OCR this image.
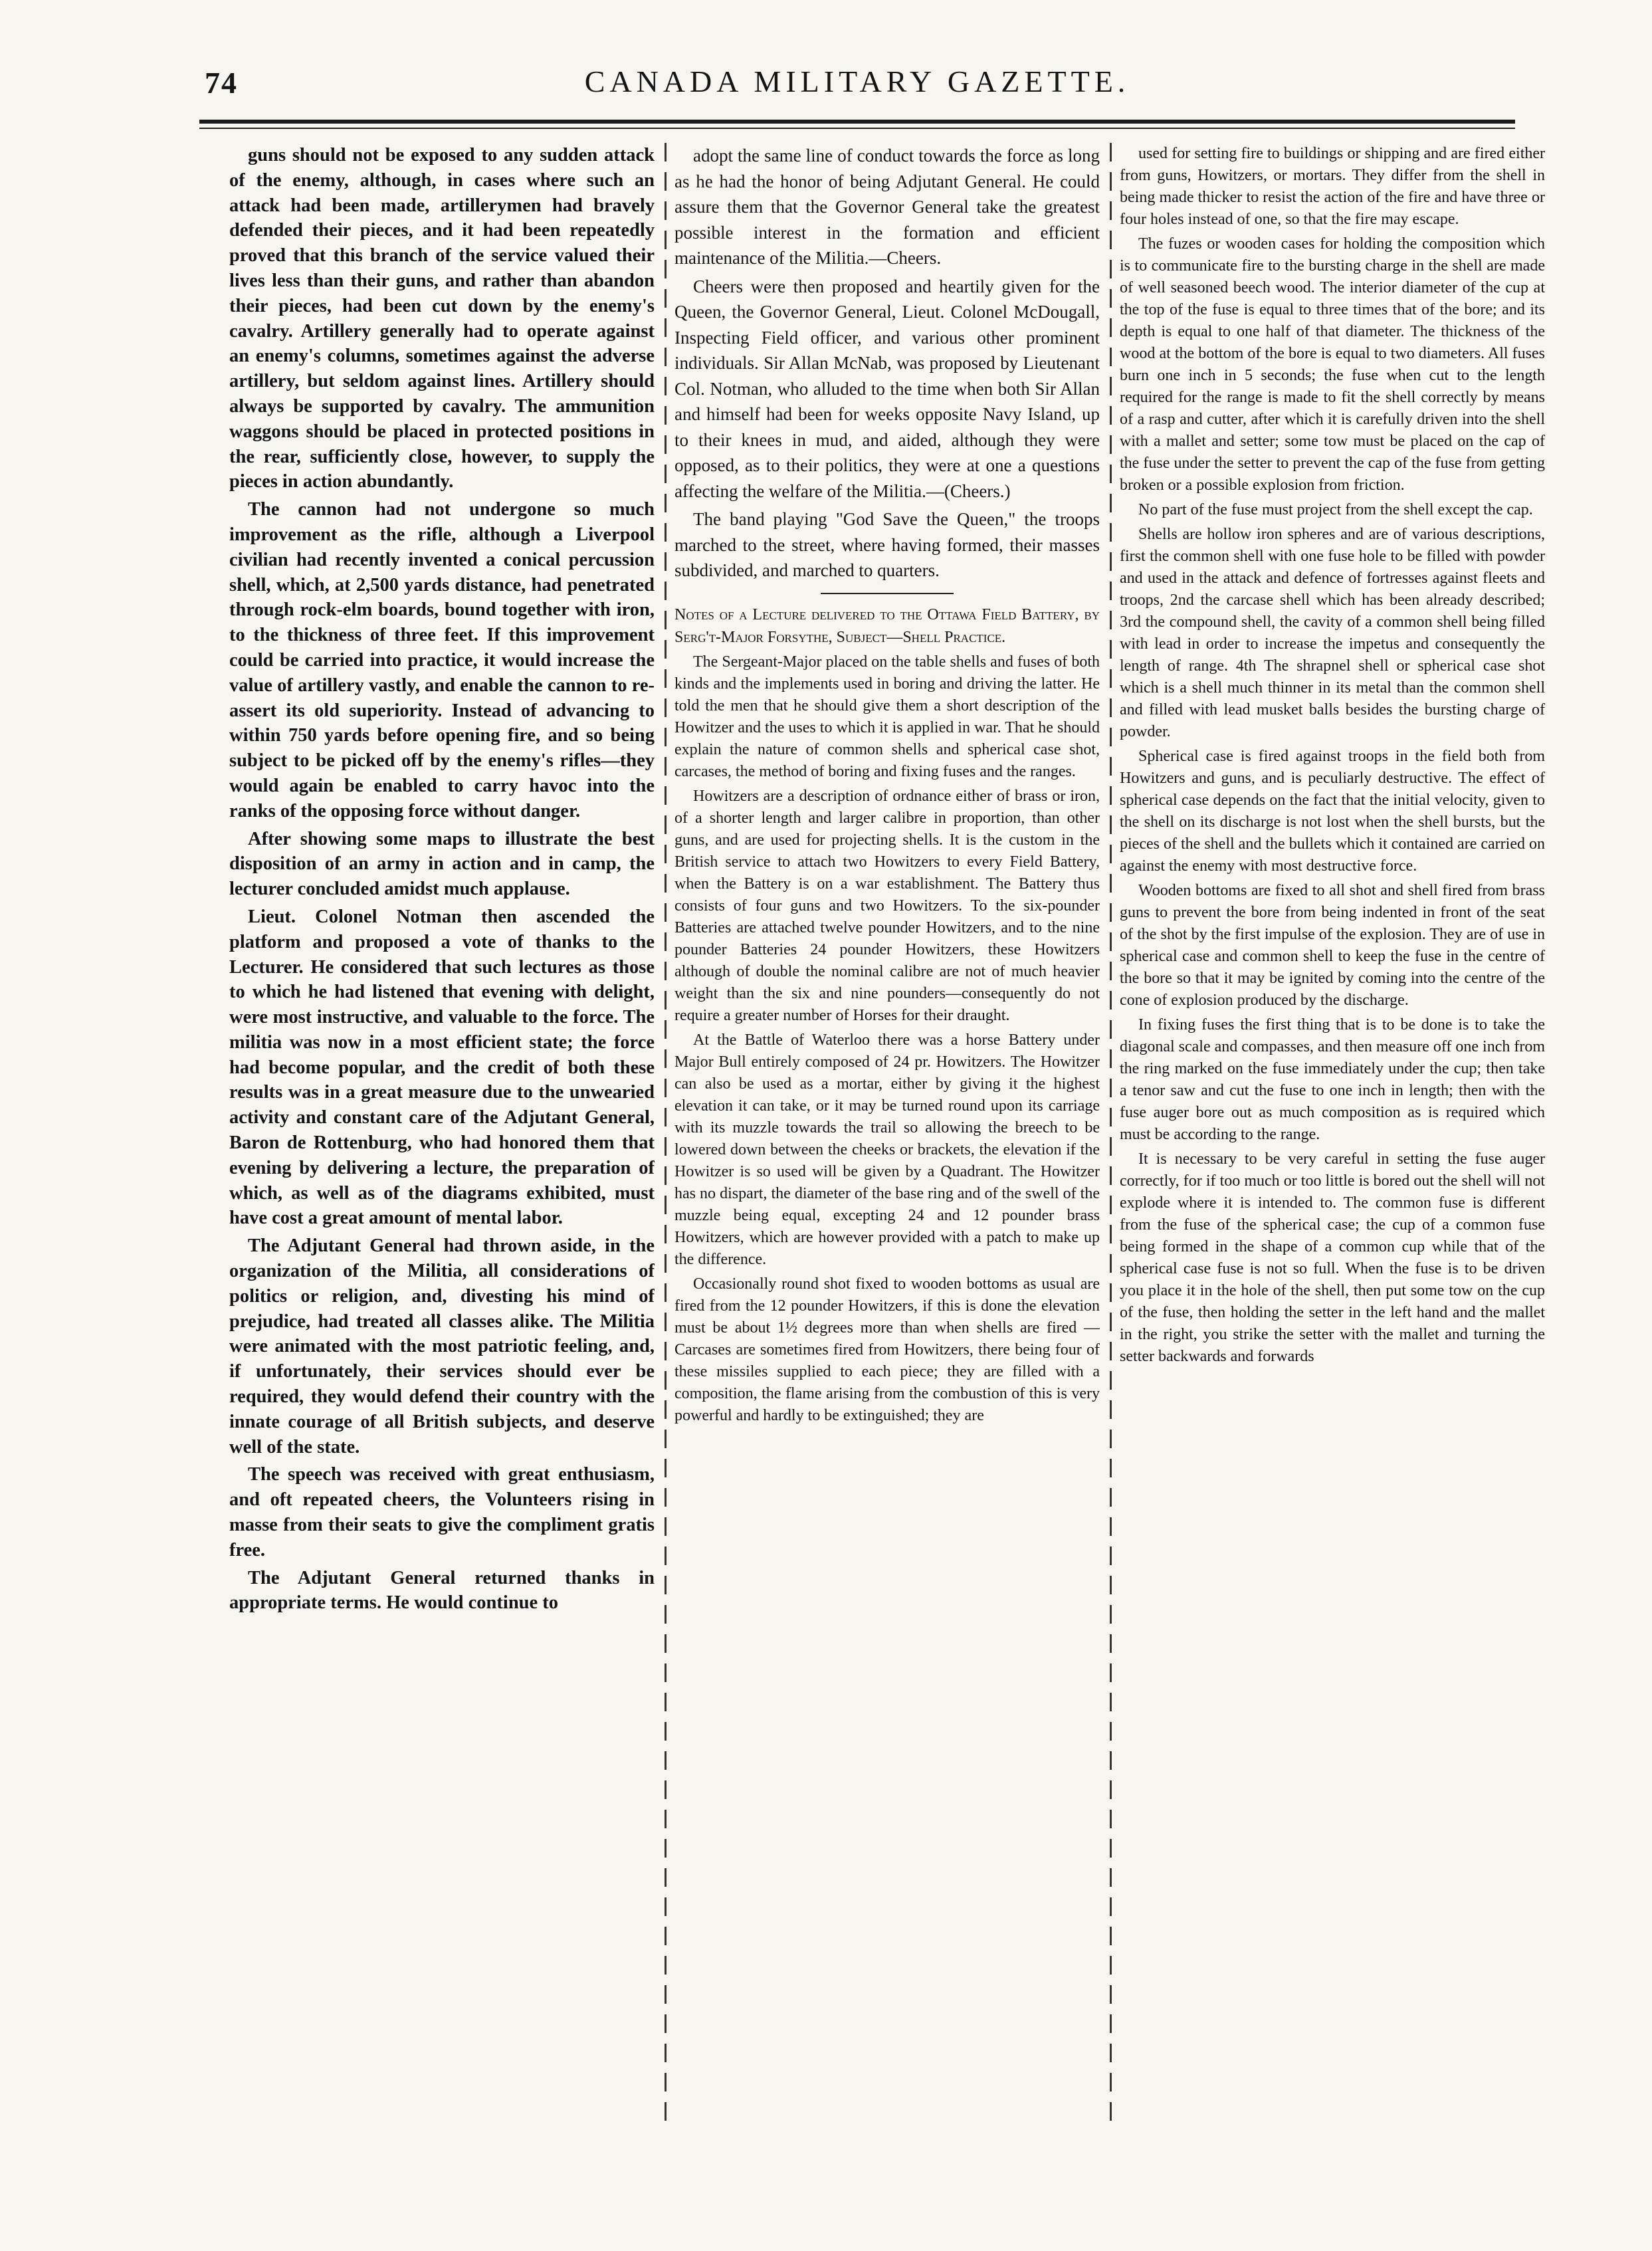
74	CANADA MILITARY GAZETTE.

guns should not be exposed to any sudden attack of the enemy, although, in cases where such an attack had been made, artillerymen had bravely defended their pieces, and it had been repeatedly proved that this branch of the service valued their lives less than their guns, and rather than abandon their pieces, had been cut down by the enemy's cavalry. Artillery generally had to operate against an enemy's columns, sometimes against the adverse artillery, but seldom against lines. Artillery should always be supported by cavalry. The ammunition waggons should be placed in protected positions in the rear, sufficiently close, however, to supply the pieces in action abundantly.

The cannon had not undergone so much improvement as the rifle, although a Liverpool civilian had recently invented a conical percussion shell, which, at 2,500 yards distance, had penetrated through rock-elm boards, bound together with iron, to the thickness of three feet. If this improvement could be carried into practice, it would increase the value of artillery vastly, and enable the cannon to re-assert its old superiority. Instead of advancing to within 750 yards before opening fire, and so being subject to be picked off by the enemy's rifles—they would again be enabled to carry havoc into the ranks of the opposing force without danger.

After showing some maps to illustrate the best disposition of an army in action and in camp, the lecturer concluded amidst much applause.

Lieut. Colonel Notman then ascended the platform and proposed a vote of thanks to the Lecturer. He considered that such lectures as those to which he had listened that evening with delight, were most instructive, and valuable to the force. The militia was now in a most efficient state; the force had become popular, and the credit of both these results was in a great measure due to the unwearied activity and constant care of the Adjutant General, Baron de Rottenburg, who had honored them that evening by delivering a lecture, the preparation of which, as well as of the diagrams exhibited, must have cost a great amount of mental labor.

The Adjutant General had thrown aside, in the organization of the Militia, all considerations of politics or religion, and, divesting his mind of prejudice, had treated all classes alike. The Militia were animated with the most patriotic feeling, and, if unfortunately, their services should ever be required, they would defend their country with the innate courage of all British subjects, and deserve well of the state.

The speech was received with great enthusiasm, and oft repeated cheers, the Volunteers rising in masse from their seats to give the compliment gratis free.

The Adjutant General returned thanks in appropriate terms. He would continue to

adopt the same line of conduct towards the force as long as he had the honor of being Adjutant General. He could assure them that the Governor General take the greatest possible interest in the formation and efficient maintenance of the Militia.—Cheers.

Cheers were then proposed and heartily given for the Queen, the Governor General, Lieut. Colonel McDougall, Inspecting Field officer, and various other prominent individuals. Sir Allan McNab, was proposed by Lieutenant Col. Notman, who alluded to the time when both Sir Allan and himself had been for weeks opposite Navy Island, up to their knees in mud, and aided, although they were opposed, as to their politics, they were at one a questions affecting the welfare of the Militia.—(Cheers.)

The band playing "God Save the Queen," the troops marched to the street, where having formed, their masses subdivided, and marched to quarters.

Notes of a Lecture delivered to the Ottawa Field Battery, by Serg't-Major Forsythe, Subject—Shell Practice.

The Sergeant-Major placed on the table shells and fuses of both kinds and the implements used in boring and driving the latter. He told the men that he should give them a short description of the Howitzer and the uses to which it is applied in war. That he should explain the nature of common shells and spherical case shot, carcases, the method of boring and fixing fuses and the ranges.

Howitzers are a description of ordnance either of brass or iron, of a shorter length and larger calibre in proportion, than other guns, and are used for projecting shells. It is the custom in the British service to attach two Howitzers to every Field Battery, when the Battery is on a war establishment. The Battery thus consists of four guns and two Howitzers. To the six-pounder Batteries are attached twelve pounder Howitzers, and to the nine pounder Batteries 24 pounder Howitzers, these Howitzers although of double the nominal calibre are not of much heavier weight than the six and nine pounders—consequently do not require a greater number of Horses for their draught.

At the Battle of Waterloo there was a horse Battery under Major Bull entirely composed of 24 pr. Howitzers. The Howitzer can also be used as a mortar, either by giving it the highest elevation it can take, or it may be turned round upon its carriage with its muzzle towards the trail so allowing the breech to be lowered down between the cheeks or brackets, the elevation if the Howitzer is so used will be given by a Quadrant. The Howitzer has no dispart, the diameter of the base ring and of the swell of the muzzle being equal, excepting 24 and 12 pounder brass Howitzers, which are however provided with a patch to make up the difference.

Occasionally round shot fixed to wooden bottoms as usual are fired from the 12 pounder Howitzers, if this is done the elevation must be about 1½ degrees more than when shells are fired — Carcases are sometimes fired from Howitzers, there being four of these missiles supplied to each piece; they are filled with a composition, the flame arising from the combustion of this is very powerful and hardly to be extinguished; they are

used for setting fire to buildings or shipping and are fired either from guns, Howitzers, or mortars. They differ from the shell in being made thicker to resist the action of the fire and have three or four holes instead of one, so that the fire may escape.

The fuzes or wooden cases for holding the composition which is to communicate fire to the bursting charge in the shell are made of well seasoned beech wood. The interior diameter of the cup at the top of the fuse is equal to three times that of the bore; and its depth is equal to one half of that diameter. The thickness of the wood at the bottom of the bore is equal to two diameters. All fuses burn one inch in 5 seconds; the fuse when cut to the length required for the range is made to fit the shell correctly by means of a rasp and cutter, after which it is carefully driven into the shell with a mallet and setter; some tow must be placed on the cap of the fuse under the setter to prevent the cap of the fuse from getting broken or a possible explosion from friction.

No part of the fuse must project from the shell except the cap.

Shells are hollow iron spheres and are of various descriptions, first the common shell with one fuse hole to be filled with powder and used in the attack and defence of fortresses against fleets and troops, 2nd the carcase shell which has been already described; 3rd the compound shell, the cavity of a common shell being filled with lead in order to increase the impetus and consequently the length of range. 4th The shrapnel shell or spherical case shot which is a shell much thinner in its metal than the common shell and filled with lead musket balls besides the bursting charge of powder.

Spherical case is fired against troops in the field both from Howitzers and guns, and is peculiarly destructive. The effect of spherical case depends on the fact that the initial velocity, given to the shell on its discharge is not lost when the shell bursts, but the pieces of the shell and the bullets which it contained are carried on against the enemy with most destructive force.

Wooden bottoms are fixed to all shot and shell fired from brass guns to prevent the bore from being indented in front of the seat of the shot by the first impulse of the explosion. They are of use in spherical case and common shell to keep the fuse in the centre of the bore so that it may be ignited by coming into the centre of the cone of explosion produced by the discharge.

In fixing fuses the first thing that is to be done is to take the diagonal scale and compasses, and then measure off one inch from the ring marked on the fuse immediately under the cup; then take a tenor saw and cut the fuse to one inch in length; then with the fuse auger bore out as much composition as is required which must be according to the range.

It is necessary to be very careful in setting the fuse auger correctly, for if too much or too little is bored out the shell will not explode where it is intended to. The common fuse is different from the fuse of the spherical case; the cup of a common fuse being formed in the shape of a common cup while that of the spherical case fuse is not so full. When the fuse is to be driven you place it in the hole of the shell, then put some tow on the cup of the fuse, then holding the setter in the left hand and the mallet in the right, you strike the setter with the mallet and turning the setter backwards and forwards
